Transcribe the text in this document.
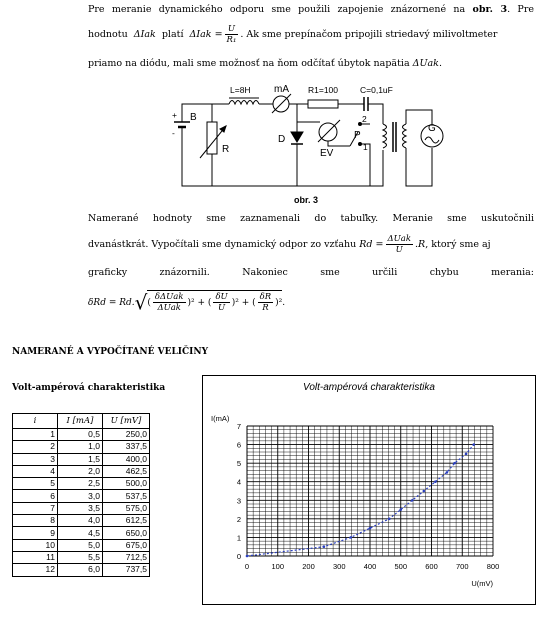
Pre meranie dynamického odporu sme použili zapojenie znázornené na obr. 3. Pre
hodnotu ΔIak platí $\Delta Iak = \frac{U}{\text{R₁}}$ . Ak sme prepínačom pripojili striedavý milivoltmeter
priamo na diódu, mali sme možnosť na ňom odčítať úbytok napätia ΔUak.
+
-
B
R
L=8H mA R1=100	C=0,1uF
D
EV
P
2
1
G
obr. 3
Namerané hodnoty sme zaznamenali do tabuľky. Meranie sme uskutočnili
dvanástkrát. Vypočítali sme dynamický odpor zo vzťahu $Rd = \frac{\text{ΔUak}}{U} .R$, ktorý sme aj
graficky znázornili. Nakoniec sme určili chybu merania:
$\delta Rd = Rd.√( \frac{\text{δΔUak}}{\text{ΔUak}} )^2$ + ( $\frac{\delta U}{U} )^2$ + ( $\frac{\delta R}{R} )^2$.
NAMERANÉ A VYPOČÍTANÉ VELIČINY
Volt-ampérová charakteristika
i	I [mA]	U [mV]
1	0,5	250,0
2	1,0	337,5
3	1,5	400,0
4	2,0	462,5
5	2,5	500,0
6	3,0	537,5
7	3,5	575,0
8	4,0	612,5
9	4,5	650,0
10	5,0	675,0
11	5,5	712,5
12	6,0	737,5
Volt-ampérová charakteristika
0	100 200 300 400 500 600 700 800
0
1
2
3
4
5
6
7
U(mV)
I(mA)
